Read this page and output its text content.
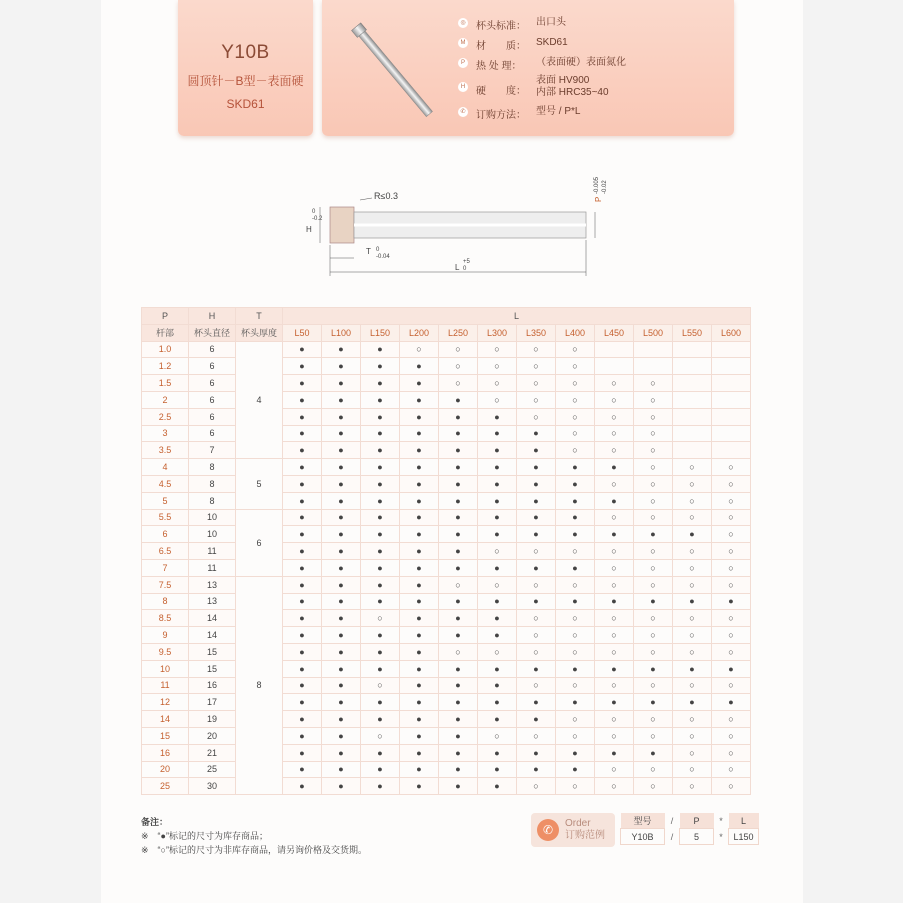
Y10B
圆顶针－B型－表面硬
SKD61
◎ 杯头标准：	出口头
M 材　　质：	SKD61
P	热 处 理：	（表面硬）表面氮化
H 硬　　度：
表面 HV900
内部 HRC35~40
✆ 订购方法：	型号 / P*L
R≤0.3
H
0
-0.2
P
-0.005 -0.02
T 0
-0.04
L
+5
0
P	H	T	L											
杆部	杯头直径	杯头厚度	L50	L100	L150	L200	L250	L300	L350	L400	L450	L500	L550	L600
1.0	6	4	●	●	●	○	○	○	○	○				
1.2	6		●	●	●	●	○	○	○	○				
1.5	6		●	●	●	●	○	○	○	○	○	○		
2	6		●	●	●	●	●	○	○	○	○	○		
2.5	6		●	●	●	●	●	●	○	○	○	○		
3	6		●	●	●	●	●	●	●	○	○	○		
3.5	7		●	●	●	●	●	●	●	○	○	○		
4	8	5	●	●	●	●	●	●	●	●	●	○	○	○
4.5	8		●	●	●	●	●	●	●	●	○	○	○	○
5	8		●	●	●	●	●	●	●	●	●	○	○	○
5.5	10	6	●	●	●	●	●	●	●	●	○	○	○	○
6	10		●	●	●	●	●	●	●	●	●	●	●	○
6.5	11		●	●	●	●	●	○	○	○	○	○	○	○
7	11		●	●	●	●	●	●	●	●	○	○	○	○
7.5	13	8	●	●	●	●	○	○	○	○	○	○	○	○
8	13		●	●	●	●	●	●	●	●	●	●	●	●
8.5	14		●	●	○	●	●	●	○	○	○	○	○	○
9	14		●	●	●	●	●	●	○	○	○	○	○	○
9.5	15		●	●	●	●	○	○	○	○	○	○	○	○
10	15		●	●	●	●	●	●	●	●	●	●	●	●
11	16		●	●	○	●	●	●	○	○	○	○	○	○
12	17		●	●	●	●	●	●	●	●	●	●	●	●
14	19		●	●	●	●	●	●	●	○	○	○	○	○
15	20		●	●	○	●	●	○	○	○	○	○	○	○
16	21		●	●	●	●	●	●	●	●	●	●	○	○
20	25		●	●	●	●	●	●	●	●	○	○	○	○
25	30		●	●	●	●	●	●	○	○	○	○	○	○
备注：
※　“●”标记的尺寸为库存商品；
※　“○”标记的尺寸为非库存商品，请另询价格及交货期。
✆	Order
订购范例
型号	/	P	*	L
Y10B	/	5	*	L150
